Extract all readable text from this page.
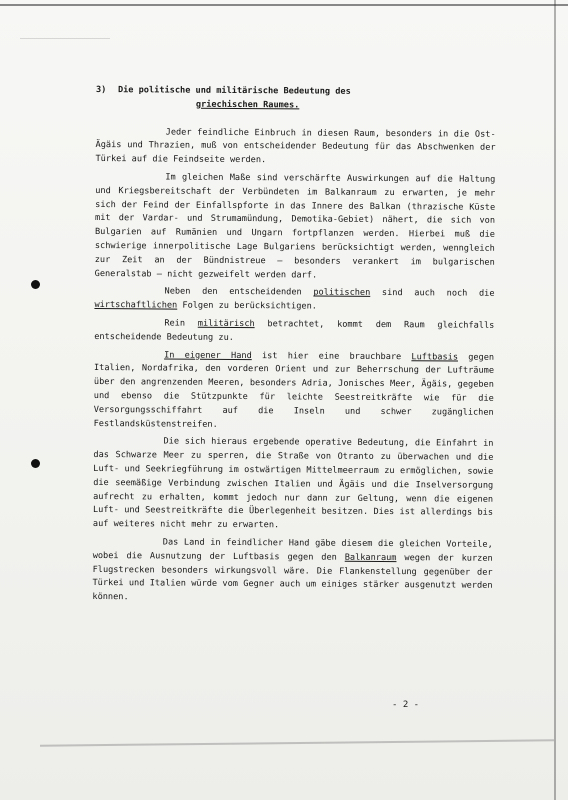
3)	Die politische und militärische Bedeutung des
griechischen Raumes.

Jeder feindliche Einbruch in diesen Raum, besonders in die Ost-Ägäis und Thrazien, muß von entscheidender Bedeutung für das Abschwenken der Türkei auf die Feindseite werden.

Im gleichen Maße sind verschärfte Auswirkungen auf die Haltung und Kriegsbereitschaft der Verbündeten im Balkanraum zu erwarten, je mehr sich der Feind der Einfallspforte in das Innere des Balkan (thrazische Küste mit der Vardar- und Strumamündung, Demotika-Gebiet) nähert, die sich von Bulgarien auf Rumänien und Ungarn fortpflanzen werden. Hierbei muß die schwierige innerpolitische Lage Bulgariens berücksichtigt werden, wenngleich zur Zeit an der Bündnistreue – besonders verankert im bulgarischen Generalstab – nicht gezweifelt werden darf.

Neben den entscheidenden politischen sind auch noch die wirtschaftlichen Folgen zu berücksichtigen.

Rein militärisch betrachtet, kommt dem Raum gleichfalls entscheidende Bedeutung zu.

In eigener Hand ist hier eine brauchbare Luftbasis gegen Italien, Nordafrika, den vorderen Orient und zur Beherrschung der Lufträume über den angrenzenden Meeren, besonders Adria, Jonisches Meer, Ägäis, gegeben und ebenso die Stützpunkte für leichte Seestreitkräfte wie für die Versorgungsschiffahrt auf die Inseln und schwer zugänglichen Festlandsküstenstreifen.

Die sich hieraus ergebende operative Bedeutung, die Einfahrt in das Schwarze Meer zu sperren, die Straße von Otranto zu überwachen und die Luft- und Seekriegführung im ostwärtigen Mittelmeerraum zu ermöglichen, sowie die seemäßige Verbindung zwischen Italien und Ägäis und die Inselversorgung aufrecht zu erhalten, kommt jedoch nur dann zur Geltung, wenn die eigenen Luft- und Seestreitkräfte die Überlegenheit besitzen. Dies ist allerdings bis auf weiteres nicht mehr zu erwarten.

Das Land in feindlicher Hand gäbe diesem die gleichen Vorteile, wobei die Ausnutzung der Luftbasis gegen den Balkanraum wegen der kurzen Flugstrecken besonders wirkungsvoll wäre. Die Flankenstellung gegenüber der Türkei und Italien würde vom Gegner auch um einiges stärker ausgenutzt werden können.

- 2 -
